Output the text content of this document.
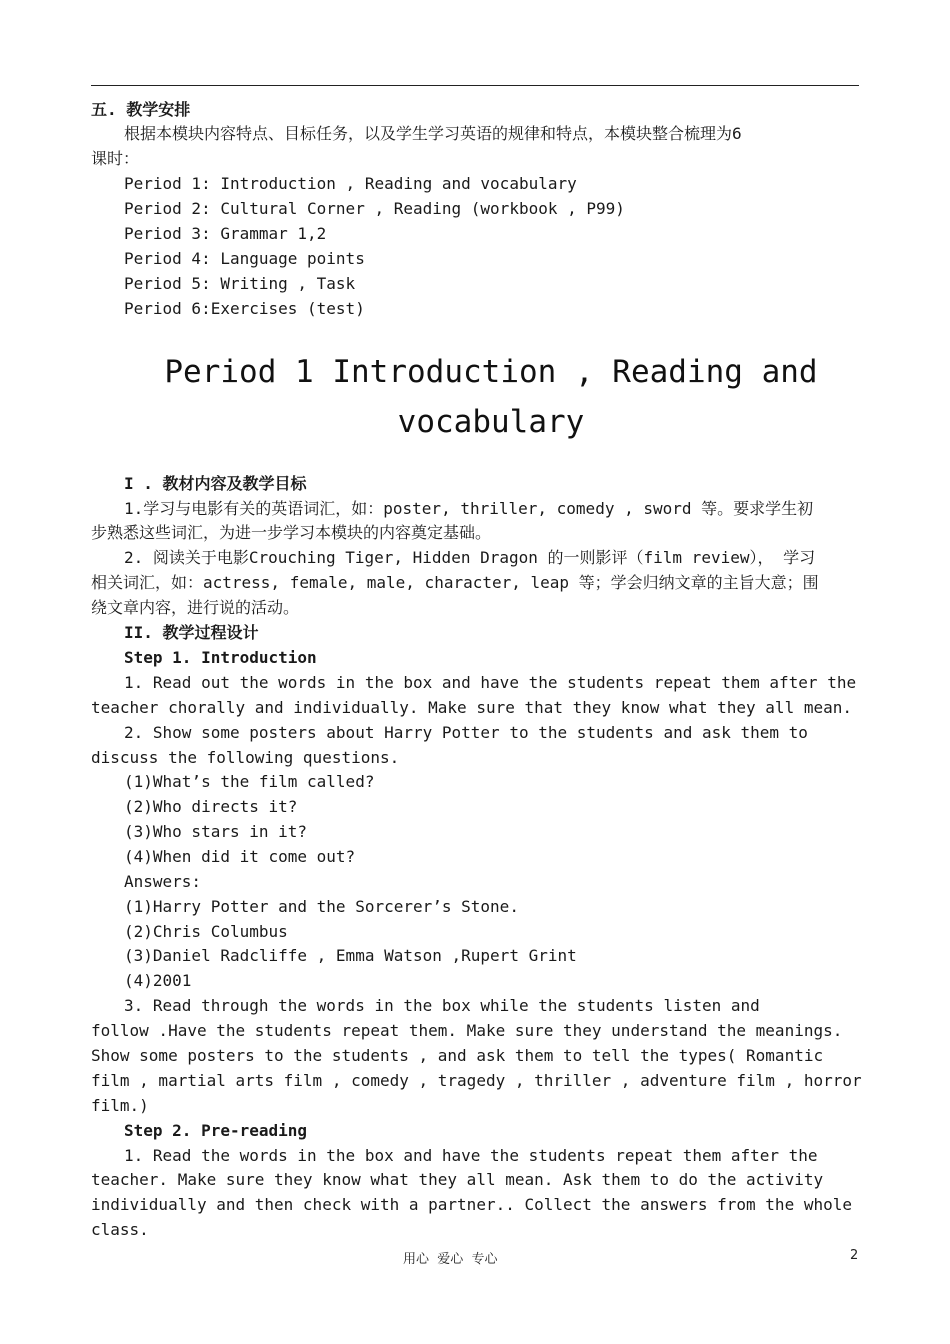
五. 教学安排
根据本模块内容特点、目标任务，以及学生学习英语的规律和特点，本模块整合梳理为6
课时：
Period 1: Introduction , Reading and vocabulary
Period 2: Cultural Corner , Reading (workbook , P99)
Period 3: Grammar 1,2
Period 4: Language points
Period 5: Writing , Task
Period 6:Exercises (test)
Period 1 Introduction , Reading and
vocabulary
I . 教材内容及教学目标
1.学习与电影有关的英语词汇，如：poster, thriller, comedy , sword 等。要求学生初
步熟悉这些词汇，为进一步学习本模块的内容奠定基础。
2. 阅读关于电影Crouching Tiger, Hidden Dragon 的一则影评（film review）， 学习
相关词汇，如：actress, female, male, character, leap 等；学会归纳文章的主旨大意；围
绕文章内容，进行说的活动。
II. 教学过程设计
Step 1. Introduction
1. Read out the words in the box and have the students repeat them after the
teacher chorally and individually. Make sure that they know what they all mean.
2. Show some posters about Harry Potter to the students and ask them to
discuss the following questions.
(1)What’s the film called?
(2)Who directs it?
(3)Who stars in it?
(4)When did it come out?
Answers:
(1)Harry Potter and the Sorcerer’s Stone.
(2)Chris Columbus
(3)Daniel Radcliffe , Emma Watson ,Rupert Grint
(4)2001
3. Read through the words in the box while the students listen and
follow .Have the students repeat them. Make sure they understand the meanings.
Show some posters to the students , and ask them to tell the types( Romantic
film , martial arts film , comedy , tragedy , thriller , adventure film , horror
film.)
Step 2. Pre-reading
1. Read the words in the box and have the students repeat them after the
teacher. Make sure they know what they all mean. Ask them to do the activity
individually and then check with a partner.. Collect the answers from the whole
class.
用心  爱心  专心	2
